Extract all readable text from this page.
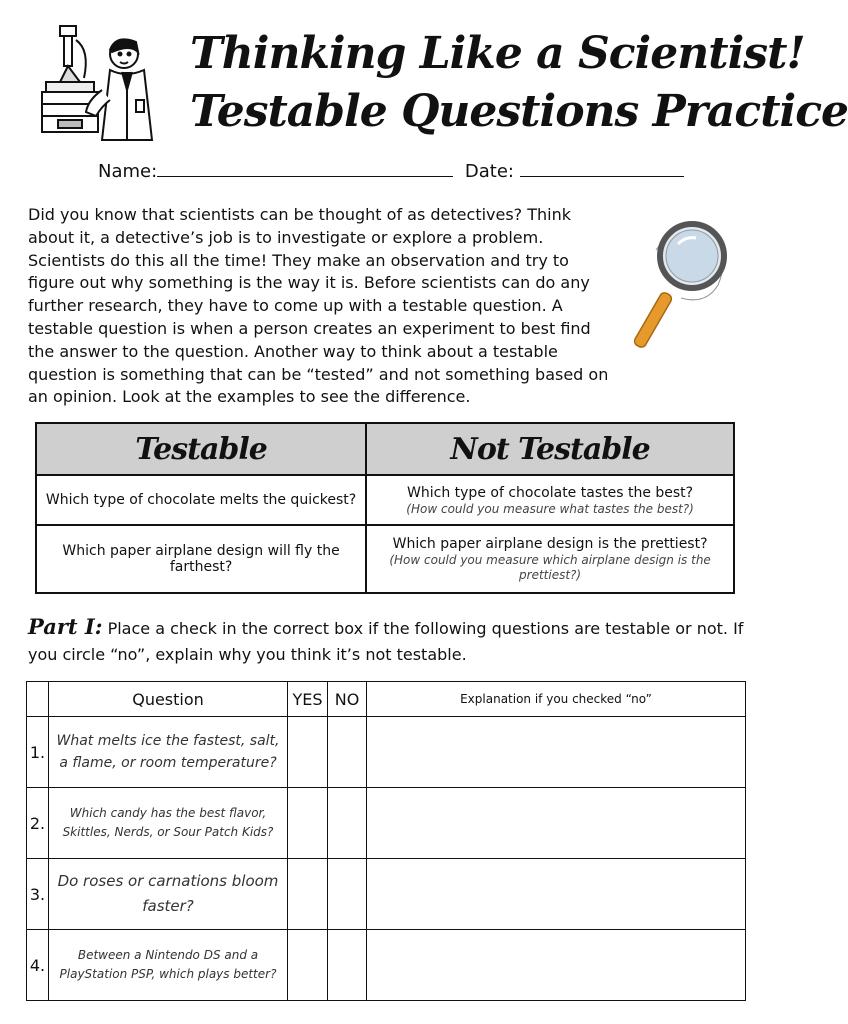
Thinking Like a Scientist!
Testable Questions Practice
Name:	Date:

Did you know that scientists can be thought of as detectives? Think about it, a detective’s job is to investigate or explore a problem. Scientists do this all the time! They make an observation and try to figure out why something is the way it is. Before scientists can do any further research, they have to come up with a testable question. A testable question is when a person creates an experiment to best find the answer to the question. Another way to think about a testable question is something that can be “tested” and not something based on an opinion. Look at the examples to see the difference.

Testable	Not Testable
Which type of chocolate melts the quickest?	Which type of chocolate tastes the best?
(How could you measure what tastes the best?)

Which paper airplane design will fly the farthest?	Which paper airplane design is the prettiest?
(How could you measure which airplane design is the prettiest?)

Part I: Place a check in the correct box if the following questions are testable or not. If you circle “no”, explain why you think it’s not testable.

	Question	YES	NO	Explanation if you checked “no”
1.	What melts ice the fastest, salt, a flame, or room temperature?			
2.	Which candy has the best flavor, Skittles, Nerds, or Sour Patch Kids?			
3.	Do roses or carnations bloom faster?			
4.	Between a Nintendo DS and a PlayStation PSP, which plays better?			
